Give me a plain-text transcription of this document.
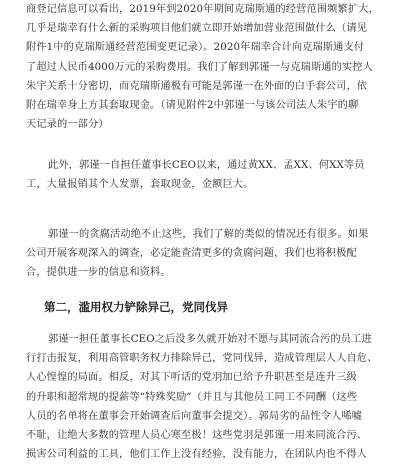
商登记信息可以看出，2019年到2020年期间克瑞斯通的经营范围频繁扩大，
几乎是瑞幸有什么新的采购项目他们就立即开始增加营业范围做什么（请见
附件1中的克瑞斯通经营范围变更记录）。2020年瑞幸合计向克瑞斯通支付
了超过人民币4000万元的采购费用。我们了解到郭谨一与克瑞斯通的实控人
朱宇关系十分密切，而克瑞斯通极有可能是郭谨一在外面的白手套公司，依
附在瑞幸身上方其套取现金。（请见附件2中郭谨一与该公司法人朱宇的聊
天记录的一部分）
此外，郭谨一自担任董事长CEO以来，通过黄XX、孟XX、何XX等员
工，大量报销其个人发票，套取现金，金额巨大。
郭谨一的贪腐活动绝不止这些，我们了解的类似的情况还有很多。如果
公司开展客观深入的调查，必定能查清更多的贪腐问题，我们也将积极配
合，提供进一步的信息和资料。
第二，滥用权力铲除异己，党同伐异
郭谨一担任董事长CEO之后没多久就开始对不愿与其同流合污的员工进
行打击报复，利用高管职务权力排除异己，党同伐异，造成管理层人人自危、
人心惶惶的局面。相反，对其下听话的党羽加已给予升职甚至是连升三级
的升职和超常规的提薪等“特殊奖励”（并且与其他员工同工不同酬（这些
人员的名单将在董事会开始调查后向董事会提交）。郭局劣的品性令人唏嘘
不耻，让绝大多数的管理人员心寒至极！这些党羽是郭谨一用来同流合污、
损害公司利益的工具，他们工作上没有经验，没有能力，在团队内也不得人
